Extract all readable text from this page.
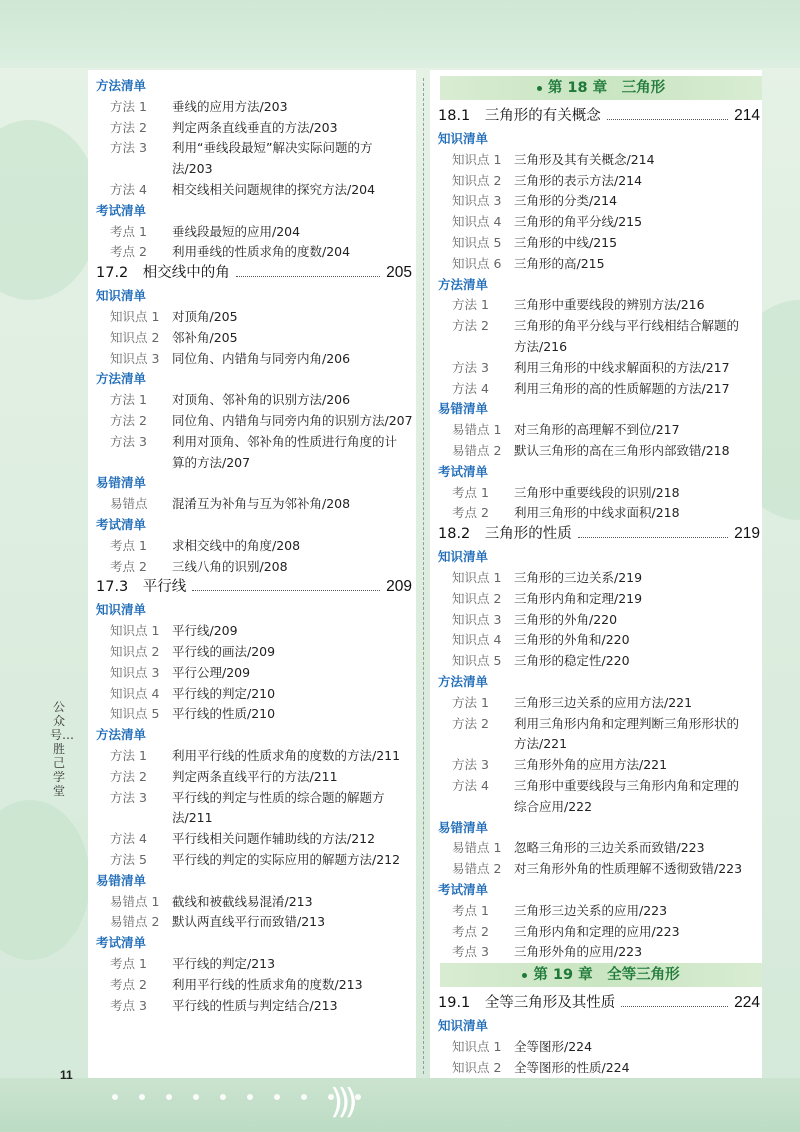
)))
公众号…胜己学堂
11
方法清单
方法 1 垂线的应用方法/203
方法 2 判定两条直线垂直的方法/203
方法 3 利用“垂线段最短”解决实际问题的方
法/203
方法 4 相交线相关问题规律的探究方法/204
考试清单
考点 1 垂线段最短的应用/204
考点 2 利用垂线的性质求角的度数/204
17.2　相交线中的角	205
知识清单
知识点 1 对顶角/205
知识点 2 邻补角/205
知识点 3 同位角、内错角与同旁内角/206
方法清单
方法 1 对顶角、邻补角的识别方法/206
方法 2 同位角、内错角与同旁内角的识别方法/207
方法 3 利用对顶角、邻补角的性质进行角度的计
算的方法/207
易错清单
易错点 混淆互为补角与互为邻补角/208
考试清单
考点 1 求相交线中的角度/208
考点 2 三线八角的识别/208
17.3　平行线	209
知识清单
知识点 1 平行线/209
知识点 2 平行线的画法/209
知识点 3 平行公理/209
知识点 4 平行线的判定/210
知识点 5 平行线的性质/210
方法清单
方法 1 利用平行线的性质求角的度数的方法/211
方法 2 判定两条直线平行的方法/211
方法 3 平行线的判定与性质的综合题的解题方
法/211
方法 4 平行线相关问题作辅助线的方法/212
方法 5 平行线的判定的实际应用的解题方法/212
易错清单
易错点 1 截线和被截线易混淆/213
易错点 2 默认两直线平行而致错/213
考试清单
考点 1 平行线的判定/213
考点 2 利用平行线的性质求角的度数/213
考点 3 平行线的性质与判定结合/213
18.1　三角形的有关概念	214
知识清单
知识点 1 三角形及其有关概念/214
知识点 2 三角形的表示方法/214
知识点 3 三角形的分类/214
知识点 4 三角形的角平分线/215
知识点 5 三角形的中线/215
知识点 6 三角形的高/215
方法清单
方法 1 三角形中重要线段的辨别方法/216
方法 2 三角形的角平分线与平行线相结合解题的
方法/216
方法 3 利用三角形的中线求解面积的方法/217
方法 4 利用三角形的高的性质解题的方法/217
易错清单
易错点 1 对三角形的高理解不到位/217
易错点 2 默认三角形的高在三角形内部致错/218
考试清单
考点 1 三角形中重要线段的识别/218
考点 2 利用三角形的中线求面积/218
18.2　三角形的性质	219
知识清单
知识点 1 三角形的三边关系/219
知识点 2 三角形内角和定理/219
知识点 3 三角形的外角/220
知识点 4 三角形的外角和/220
知识点 5 三角形的稳定性/220
方法清单
方法 1 三角形三边关系的应用方法/221
方法 2 利用三角形内角和定理判断三角形形状的
方法/221
方法 3 三角形外角的应用方法/221
方法 4 三角形中重要线段与三角形内角和定理的
综合应用/222
易错清单
易错点 1 忽略三角形的三边关系而致错/223
易错点 2 对三角形外角的性质理解不透彻致错/223
考试清单
考点 1 三角形三边关系的应用/223
考点 2 三角形内角和定理的应用/223
考点 3 三角形外角的应用/223
19.1　全等三角形及其性质	224
知识清单
知识点 1 全等图形/224
知识点 2 全等图形的性质/224
第 18 章　三角形
第 19 章　全等三角形
